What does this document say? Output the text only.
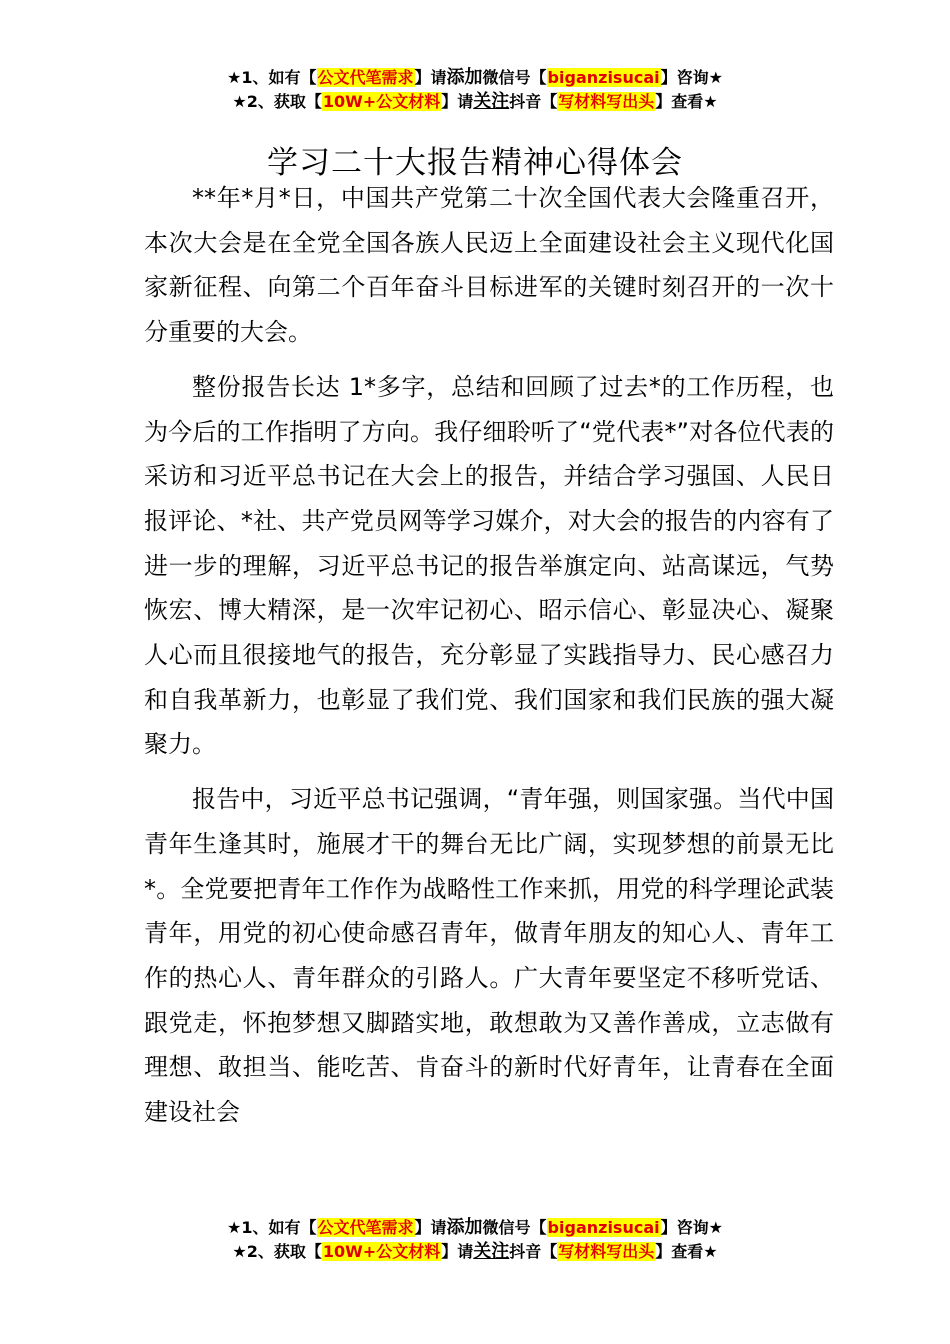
★1、如有【公文代笔需求】请添加微信号【biganzisucai】咨询★
★2、获取【10W+公文材料】请关注抖音【写材料写出头】查看★
学习二十大报告精神心得体会

**年*月*日，中国共产党第二十次全国代表大会隆重召开，本次大会是在全党全国各族人民迈上全面建设社会主义现代化国家新征程、向第二个百年奋斗目标进军的关键时刻召开的一次十分重要的大会。

整份报告长达 1*多字，总结和回顾了过去*的工作历程，也为今后的工作指明了方向。我仔细聆听了“党代表*”对各位代表的采访和习近平总书记在大会上的报告，并结合学习强国、人民日报评论、*社、共产党员网等学习媒介，对大会的报告的内容有了进一步的理解，习近平总书记的报告举旗定向、站高谋远，气势恢宏、博大精深，是一次牢记初心、昭示信心、彰显决心、凝聚人心而且很接地气的报告，充分彰显了实践指导力、民心感召力和自我革新力，也彰显了我们党、我们国家和我们民族的强大凝聚力。

报告中，习近平总书记强调，“青年强，则国家强。当代中国青年生逢其时，施展才干的舞台无比广阔，实现梦想的前景无比*。全党要把青年工作作为战略性工作来抓，用党的科学理论武装青年，用党的初心使命感召青年，做青年朋友的知心人、青年工作的热心人、青年群众的引路人。广大青年要坚定不移听党话、跟党走，怀抱梦想又脚踏实地，敢想敢为又善作善成，立志做有理想、敢担当、能吃苦、肯奋斗的新时代好青年，让青春在全面建设社会

★1、如有【公文代笔需求】请添加微信号【biganzisucai】咨询★
★2、获取【10W+公文材料】请关注抖音【写材料写出头】查看★
